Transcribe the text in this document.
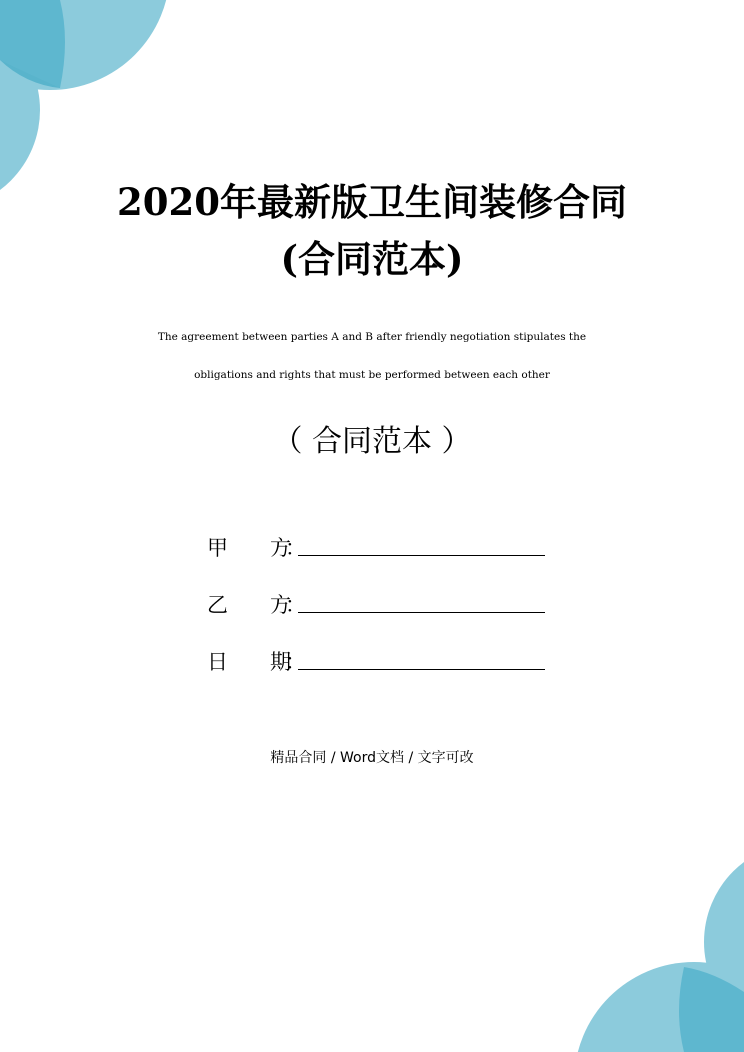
2020年最新版卫生间装修合同
(合同范本)
The agreement between parties A and B after friendly negotiation stipulates the
obligations and rights that must be performed between each other
（ 合同范本 ）
甲 方
：
乙 方
：
日 期
：
精品合同 / Word文档 / 文字可改
